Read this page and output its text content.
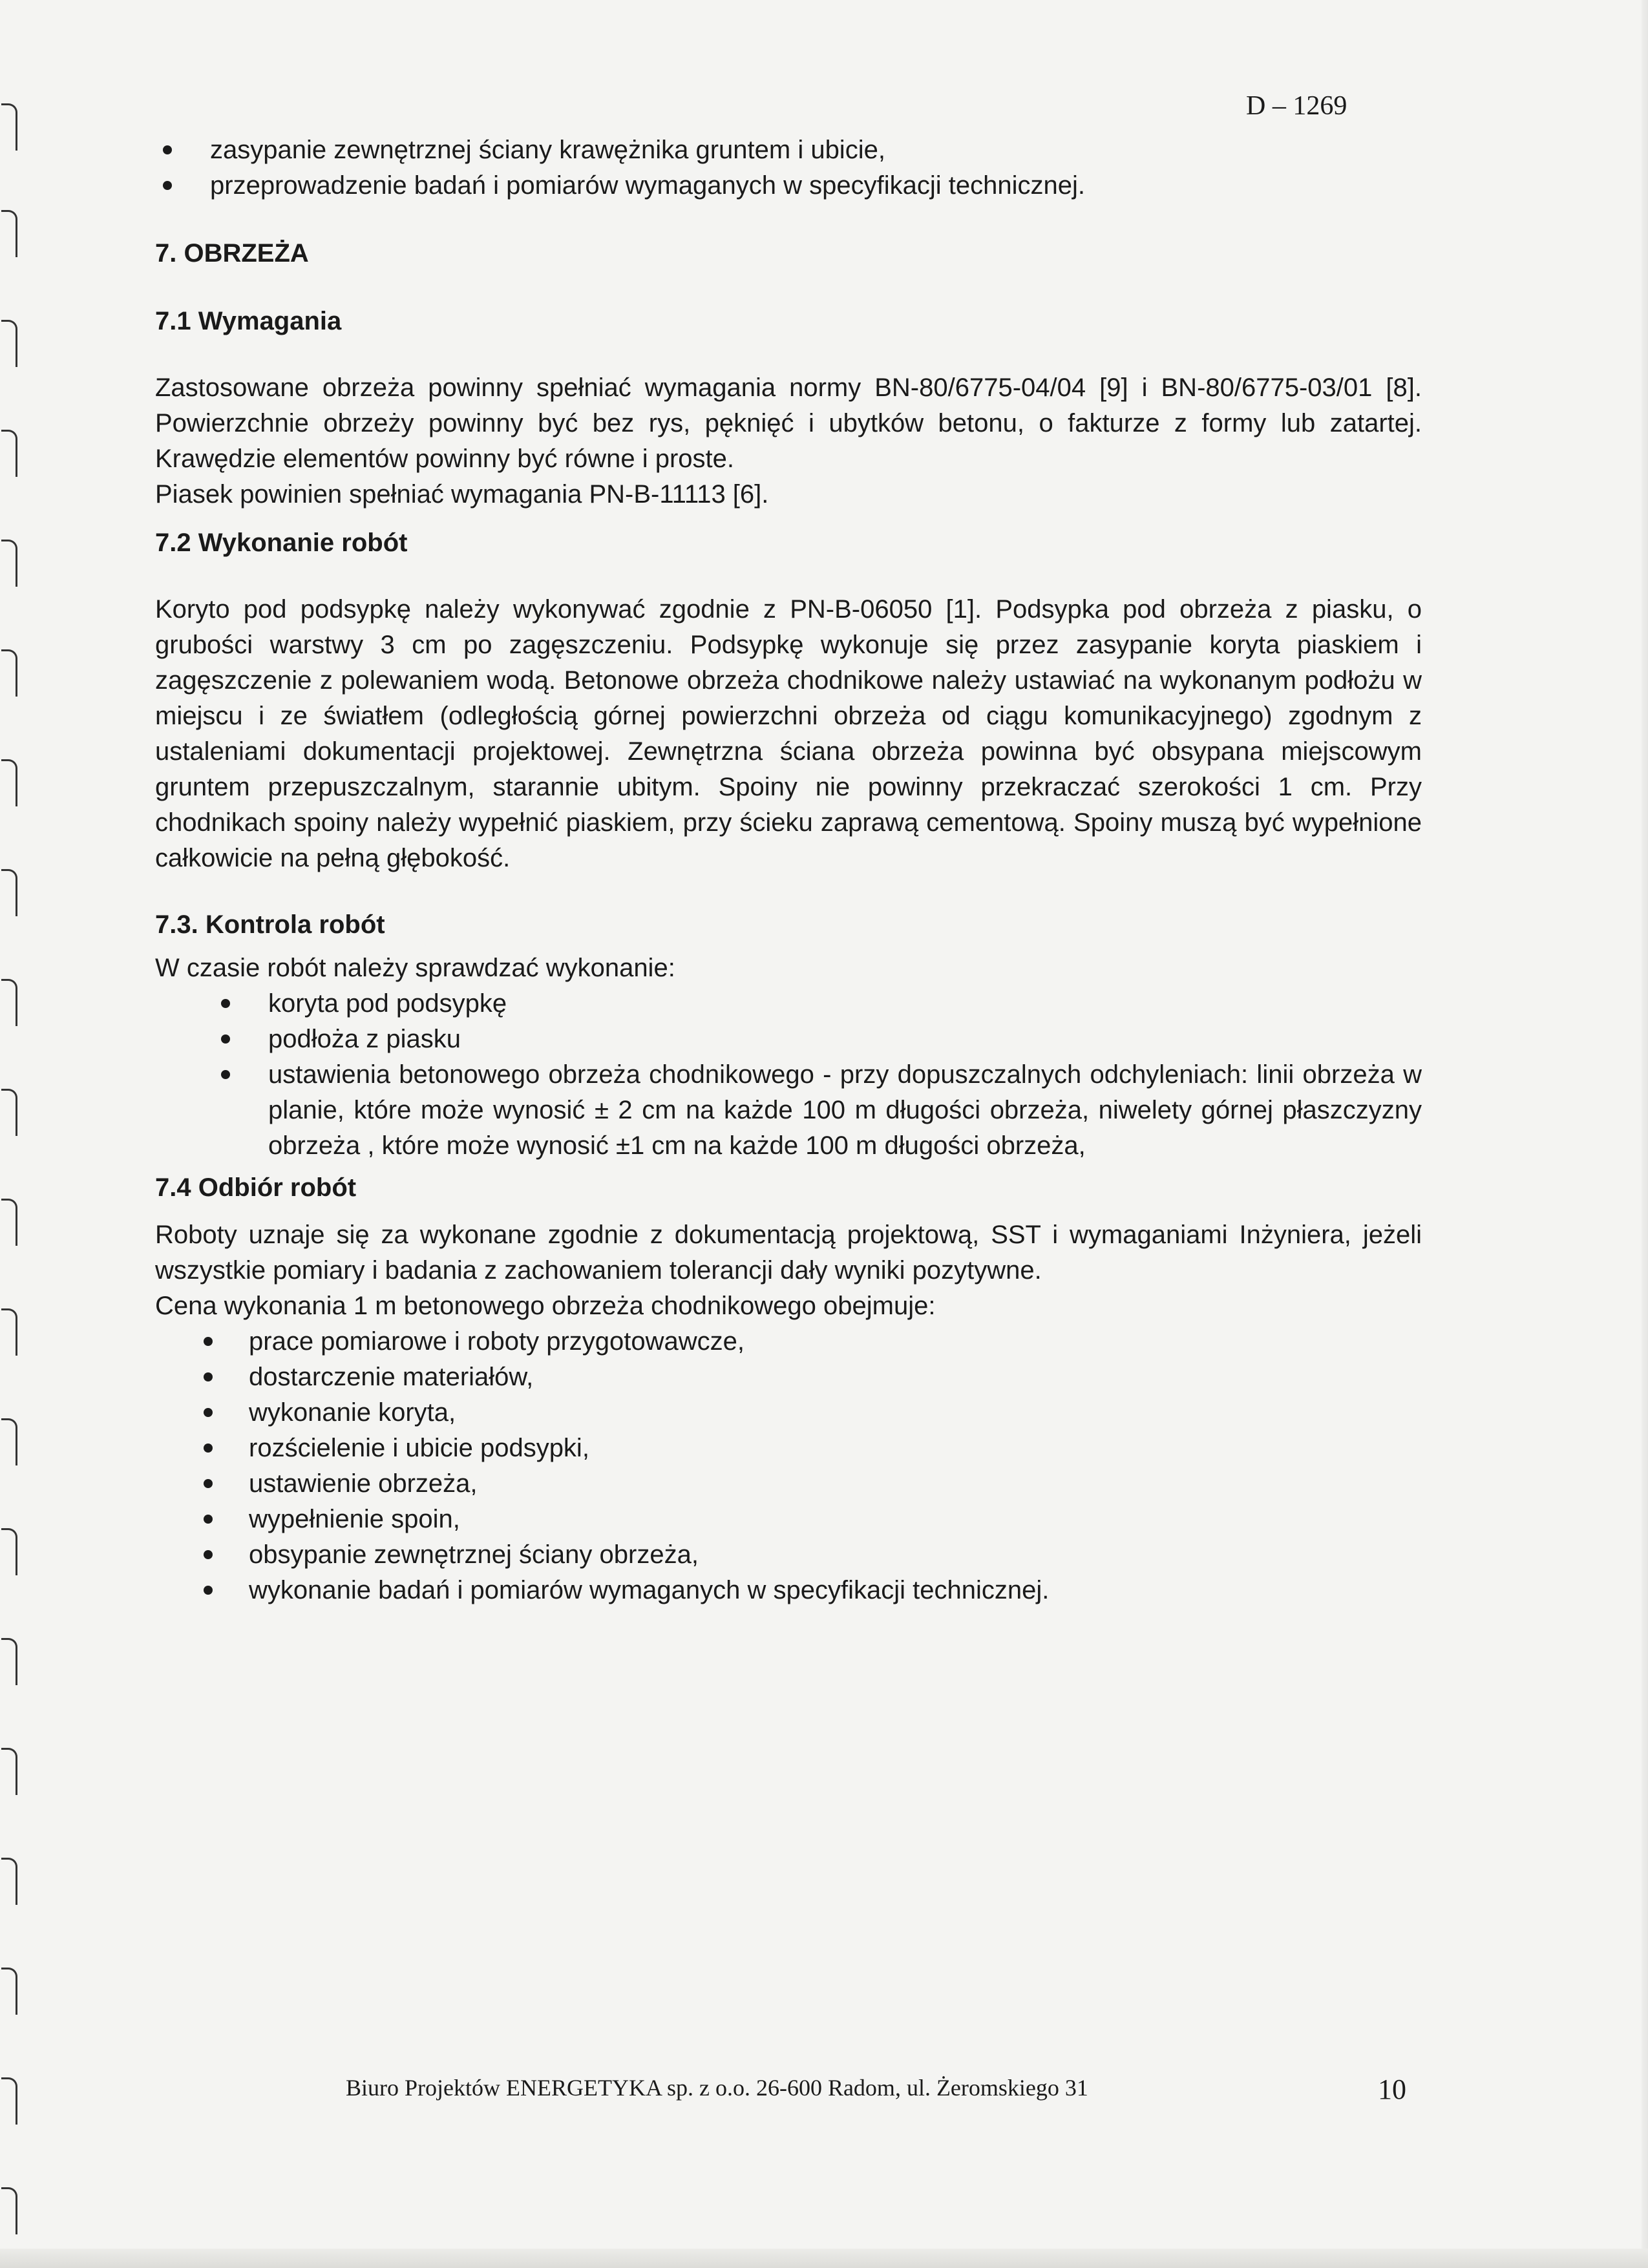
D – 1269
zasypanie zewnętrznej ściany krawężnika gruntem i ubicie,
przeprowadzenie badań i pomiarów wymaganych w specyfikacji technicznej.
7. OBRZEŻA
7.1 Wymagania

Zastosowane obrzeża powinny spełniać wymagania normy BN-80/6775-04/04 [9] i BN-80/6775-03/01 [8]. Powierzchnie obrzeży powinny być bez rys, pęknięć i ubytków betonu, o fakturze z formy lub zatartej. Krawędzie elementów powinny być równe i proste.

Piasek powinien spełniać wymagania PN-B-11113 [6].

7.2 Wykonanie robót

Koryto pod podsypkę należy wykonywać zgodnie z PN-B-06050 [1]. Podsypka pod obrzeża z piasku, o grubości warstwy 3 cm po zagęszczeniu. Podsypkę wykonuje się przez zasypanie koryta piaskiem i zagęszczenie z polewaniem wodą. Betonowe obrzeża chodnikowe należy ustawiać na wykonanym podłożu w miejscu i ze światłem (odległością górnej powierzchni obrzeża od ciągu komunikacyjnego) zgodnym z ustaleniami dokumentacji projektowej. Zewnętrzna ściana obrzeża powinna być obsypana miejscowym gruntem przepuszczalnym, starannie ubitym. Spoiny nie powinny przekraczać szerokości 1 cm. Przy chodnikach spoiny należy wypełnić piaskiem, przy ścieku zaprawą cementową. Spoiny muszą być wypełnione całkowicie na pełną głębokość.

7.3. Kontrola robót

W czasie robót należy sprawdzać wykonanie:

koryta pod podsypkę
podłoża z piasku
ustawienia betonowego obrzeża chodnikowego - przy dopuszczalnych odchyleniach: linii obrzeża w planie, które może wynosić ± 2 cm na każde 100 m długości obrzeża, niwelety górnej płaszczyzny obrzeża , które może wynosić ±1 cm na każde 100 m długości obrzeża,
7.4 Odbiór robót

Roboty uznaje się za wykonane zgodnie z dokumentacją projektową, SST i wymaganiami Inżyniera, jeżeli wszystkie pomiary i badania z zachowaniem tolerancji dały wyniki pozytywne.

Cena wykonania 1 m betonowego obrzeża chodnikowego obejmuje:

prace pomiarowe i roboty przygotowawcze,
dostarczenie materiałów,
wykonanie koryta,
rozścielenie i ubicie podsypki,
ustawienie obrzeża,
wypełnienie spoin,
obsypanie zewnętrznej ściany obrzeża,
wykonanie badań i pomiarów wymaganych w specyfikacji technicznej.
Biuro Projektów ENERGETYKA sp. z o.o. 26-600 Radom, ul. Żeromskiego 31	10
